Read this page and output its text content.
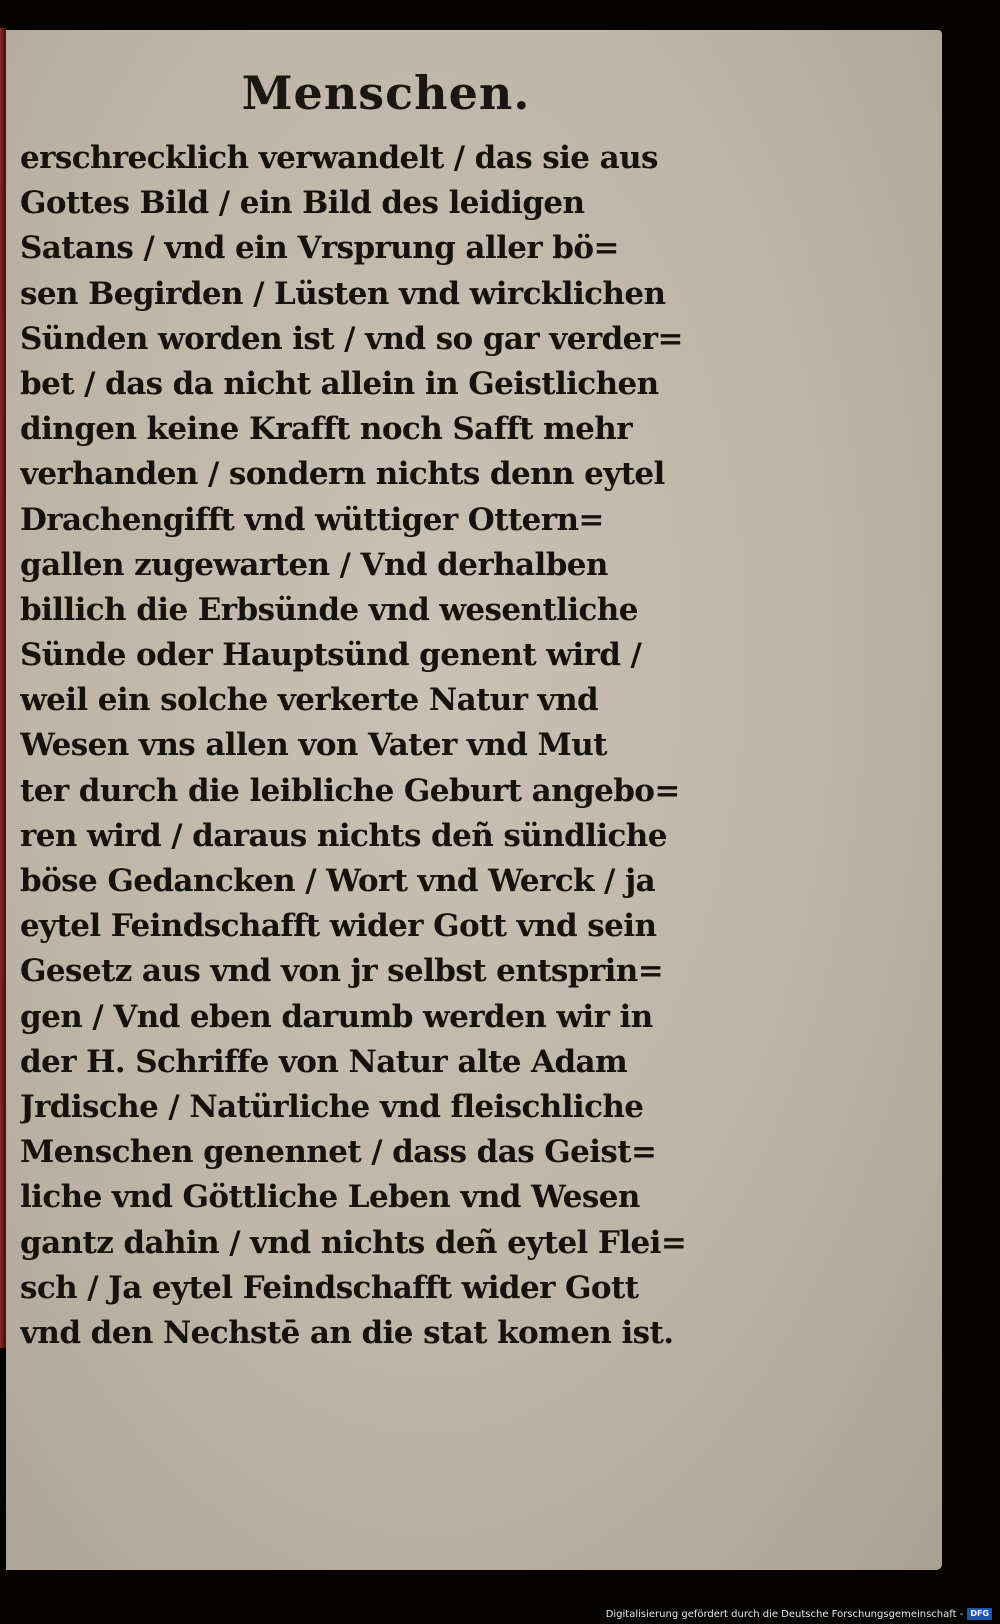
Menschen.
erschrecklich verwandelt / das sie aus
Gottes Bild / ein Bild des leidigen
Satans / vnd ein Vrsprung aller bö=
sen Begirden / Lüsten vnd wircklichen
Sünden worden ist / vnd so gar verder=
bet / das da nicht allein in Geistlichen
dingen keine Krafft noch Safft mehr
verhanden / sondern nichts denn eytel
Drachengifft vnd wüttiger Ottern=
gallen zugewarten / Vnd derhalben
billich die Erbsünde vnd wesentliche
Sünde oder Hauptsünd genent wird /
weil ein solche verkerte Natur vnd
Wesen vns allen von Vater vnd Mut
ter durch die leibliche Geburt angebo=
ren wird / daraus nichts deñ sündliche
böse Gedancken / Wort vnd Werck / ja
eytel Feindschafft wider Gott vnd sein
Gesetz aus vnd von jr selbst entsprin=
gen / Vnd eben darumb werden wir in
der H. Schriffe von Natur alte Adam
Jrdische / Natürliche vnd fleischliche
Menschen genennet / dass das Geist=
liche vnd Göttliche Leben vnd Wesen
gantz dahin / vnd nichts deñ eytel Flei=
sch / Ja eytel Feindschafft wider Gott
vnd den Nechstē an die stat komen ist.
Digitalisierung gefördert durch die Deutsche Forschungsgemeinschaft - DFG
